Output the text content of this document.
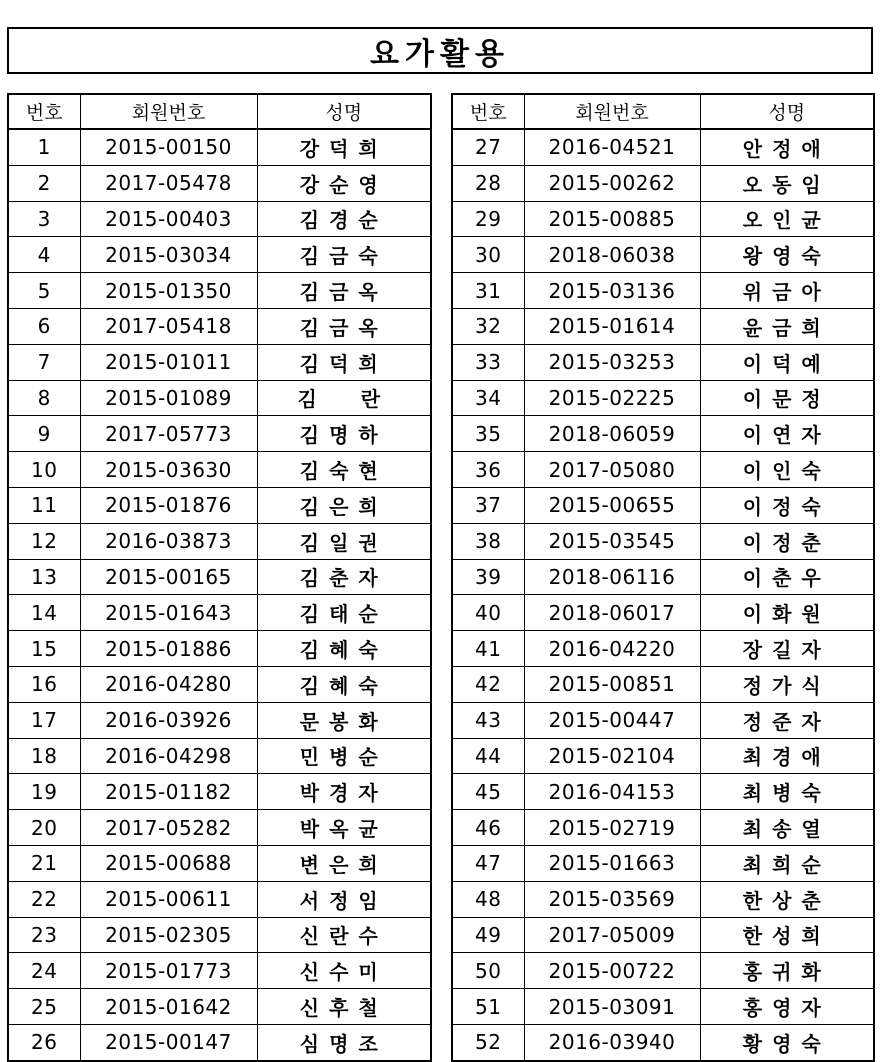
요가활용
번호	회원번호	성명
1	2015-00150	강덕희
2	2017-05478	강순영
3	2015-00403	김경순
4	2015-03034	김금숙
5	2015-01350	김금옥
6	2017-05418	김금옥
7	2015-01011	김덕희
8	2015-01089	김  란
9	2017-05773	김명하
10	2015-03630	김숙현
11	2015-01876	김은희
12	2016-03873	김일권
13	2015-00165	김춘자
14	2015-01643	김태순
15	2015-01886	김혜숙
16	2016-04280	김혜숙
17	2016-03926	문봉화
18	2016-04298	민병순
19	2015-01182	박경자
20	2017-05282	박옥균
21	2015-00688	변은희
22	2015-00611	서정임
23	2015-02305	신란수
24	2015-01773	신수미
25	2015-01642	신후철
26	2015-00147	심명조
번호	회원번호	성명
27	2016-04521	안정애
28	2015-00262	오동임
29	2015-00885	오인균
30	2018-06038	왕영숙
31	2015-03136	위금아
32	2015-01614	윤금희
33	2015-03253	이덕예
34	2015-02225	이문정
35	2018-06059	이연자
36	2017-05080	이인숙
37	2015-00655	이정숙
38	2015-03545	이정춘
39	2018-06116	이춘우
40	2018-06017	이화원
41	2016-04220	장길자
42	2015-00851	정가식
43	2015-00447	정준자
44	2015-02104	최경애
45	2016-04153	최병숙
46	2015-02719	최송열
47	2015-01663	최희순
48	2015-03569	한상춘
49	2017-05009	한성희
50	2015-00722	홍귀화
51	2015-03091	홍영자
52	2016-03940	황영숙
